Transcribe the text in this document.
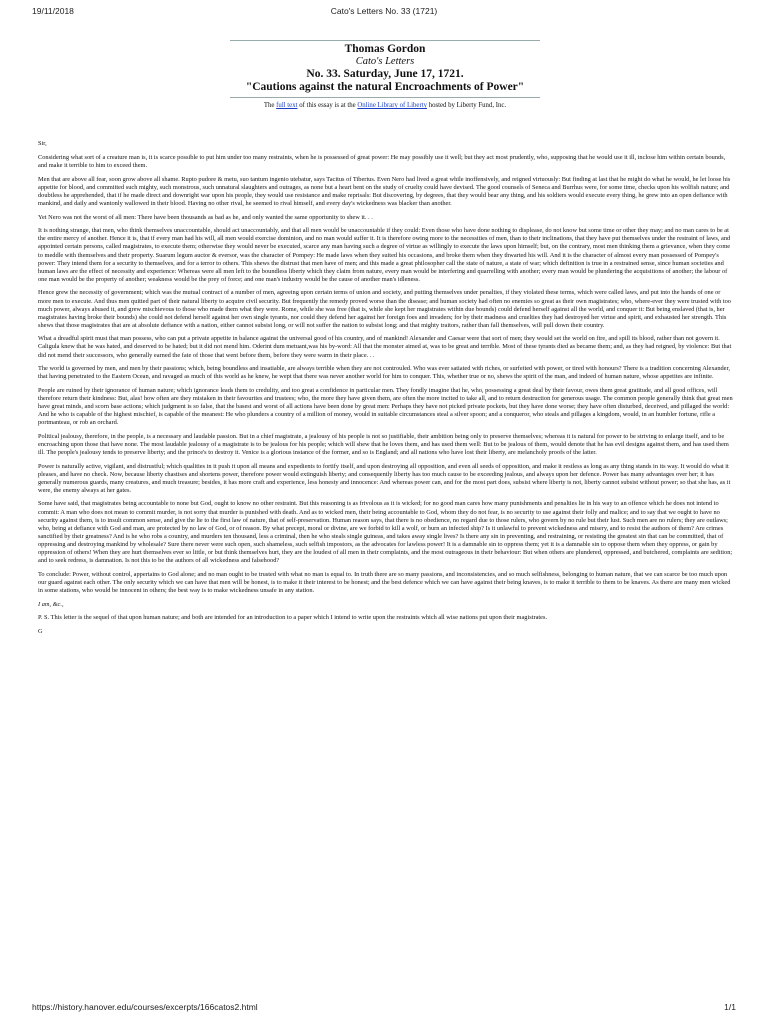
19/11/2018	Cato's Letters No. 33 (1721)
Thomas Gordon
Cato's Letters
No. 33. Saturday, June 17, 1721.
"Cautions against the natural Encroachments of Power"
The full text of this essay is at the Online Library of Liberty hosted by Liberty Fund, Inc.

Sir,

Considering what sort of a creature man is, it is scarce possible to put him under too many restraints, when he is possessed of great power: He may possibly use it well; but they act most prudently, who, supposing that he would use it ill, inclose him within certain bounds, and make it terrible to him to exceed them.

Men that are above all fear, soon grow above all shame. Rupto pudore & metu, suo tantum ingenio utebatur, says Tacitus of Tiberius. Even Nero had lived a great while inoffensively, and reigned virtuously: But finding at last that he might do what he would, he let loose his appetite for blood, and committed such mighty, such monstrous, such unnatural slaughters and outrages, as none but a heart bent on the study of cruelty could have devised. The good counsels of Seneca and Burrhus were, for some time, checks upon his wolfish nature; and doubtless he apprehended, that if he made direct and downright war upon his people, they would use resistance and make reprisals: But discovering, by degrees, that they would bear any thing, and his soldiers would execute every thing, he grew into an open defiance with mankind, and daily and wantonly wallowed in their blood. Having no other rival, he seemed to rival himself, and every day's wickedness was blacker than another.

Yet Nero was not the worst of all men: There have been thousands as bad as he, and only wanted the same opportunity to shew it. . .

It is nothing strange, that men, who think themselves unaccountable, should act unaccountably, and that all men would be unaccountable if they could: Even those who have done nothing to displease, do not know but some time or other they may; and no man cares to be at the entire mercy of another. Hence it is, that if every man had his will, all men would exercise dominion, and no man would suffer it. It is therefore owing more to the necessities of men, than to their inclinations, that they have put themselves under the restraint of laws, and appointed certain persons, called magistrates, to execute them; otherwise they would never be executed, scarce any man having such a degree of virtue as willingly to execute the laws upon himself; but, on the contrary, most men thinking them a grievance, when they come to meddle with themselves and their property. Suarum legum auctor & eversor, was the character of Pompey: He made laws when they suited his occasions, and broke them when they thwarted his will. And it is the character of almost every man possessed of Pompey's power: They intend them for a security to themselves, and for a terror to others. This shews the distrust that men have of men; and this made a great philosopher call the state of nature, a state of war; which definition is true in a restrained sense, since human societies and human laws are the effect of necessity and experience: Whereas were all men left to the boundless liberty which they claim from nature, every man would be interfering and quarrelling with another; every man would be plundering the acquisitions of another; the labour of one man would be the property of another; weakness would be the prey of force; and one man's industry would be the cause of another man's idleness.

Hence grew the necessity of government; which was the mutual contract of a number of men, agreeing upon certain terms of union and society, and putting themselves under penalties, if they violated these terms, which were called laws, and put into the hands of one or more men to execute. And thus men quitted part of their natural liberty to acquire civil security. But frequently the remedy proved worse than the disease; and human society had often no enemies so great as their own magistrates; who, where-ever they were trusted with too much power, always abused it, and grew mischievous to those who made them what they were. Rome, while she was free (that is, while she kept her magistrates within due bounds) could defend herself against all the world, and conquer it: But being enslaved (that is, her magistrates having broke their bounds) she could not defend herself against her own single tyrants, nor could they defend her against her foreign foes and invaders; for by their madness and cruelties they had destroyed her virtue and spirit, and exhausted her strength. This shews that those magistrates that are at absolute defiance with a nation, either cannot subsist long, or will not suffer the nation to subsist long; and that mighty traitors, rather than fall themselves, will pull down their country.

What a dreadful spirit must that man possess, who can put a private appetite in balance against the universal good of his country, and of mankind! Alexander and Caesar were that sort of men; they would set the world on fire, and spill its blood, rather than not govern it. Caligula knew that he was hated, and deserved to be hated; but it did not mend him. Oderint dum metuant,was his by-word: All that the monster aimed at, was to be great and terrible. Most of these tyrants died as became them; and, as they had reigned, by violence: But that did not mend their successors, who generally earned the fate of those that went before them, before they were warm in their place. . .

The world is governed by men, and men by their passions; which, being boundless and insatiable, are always terrible when they are not controuled. Who was ever satiated with riches, or surfeited with power, or tired with honours? There is a tradition concerning Alexander, that having penetrated to the Eastern Ocean, and ravaged as much of this world as he knew, he wept that there was never another world for him to conquer. This, whether true or no, shews the spirit of the man, and indeed of human nature, whose appetites are infinite.

People are ruined by their ignorance of human nature; which ignorance leads them to credulity, and too great a confidence in particular men. They fondly imagine that he, who, possessing a great deal by their favour, owes them great gratitude, and all good offices, will therefore return their kindness: But, alas! how often are they mistaken in their favourites and trustees; who, the more they have given them, are often the more incited to take all, and to return destruction for generous usage. The common people generally think that great men have great minds, and scorn base actions; which judgment is so false, that the basest and worst of all actions have been done by great men: Perhaps they have not picked private pockets, but they have done worse; they have often disturbed, deceived, and pillaged the world: And he who is capable of the highest mischief, is capable of the meanest: He who plunders a country of a million of money, would in suitable circumstances steal a silver spoon; and a conqueror, who steals and pillages a kingdom, would, in an humbler fortune, rifle a portmanteau, or rob an orchard.

Political jealousy, therefore, in the people, is a necessary and laudable passion. But in a chief magistrate, a jealousy of his people is not so justifiable, their ambition being only to preserve themselves; whereas it is natural for power to be striving to enlarge itself, and to be encroaching upon those that have none. The most laudable jealousy of a magistrate is to be jealous for his people; which will shew that he loves them, and has used them well: But to be jealous of them, would denote that he has evil designs against them, and has used them ill. The people's jealousy tends to preserve liberty; and the prince's to destroy it. Venice is a glorious instance of the former, and so is England; and all nations who have lost their liberty, are melancholy proofs of the latter.

Power is naturally active, vigilant, and distrustful; which qualities in it push it upon all means and expedients to fortify itself, and upon destroying all opposition, and even all seeds of opposition, and make it restless as long as any thing stands in its way. It would do what it pleases, and have no check. Now, because liberty chastises and shortens power, therefore power would extinguish liberty; and consequently liberty has too much cause to be exceeding jealous, and always upon her defence. Power has many advantages over her; it has generally numerous guards, many creatures, and much treasure; besides, it has more craft and experience, less honesty and innocence: And whereas power can, and for the most part does, subsist where liberty is not, liberty cannot subsist without power; so that she has, as it were, the enemy always at her gates.

Some have said, that magistrates being accountable to none but God, ought to know no other restraint. But this reasoning is as frivolous as it is wicked; for no good man cares how many punishments and penalties lie in his way to an offence which he does not intend to commit: A man who does not mean to commit murder, is not sorry that murder is punished with death. And as to wicked men, their being accountable to God, whom they do not fear, is no security to use against their folly and malice; and to say that we ought to have no security against them, is to insult common sense, and give the lie to the first law of nature, that of self-preservation. Human reason says, that there is no obedience, no regard due to those rulers, who govern by no rule but their lust. Such men are no rulers; they are outlaws; who, being at defiance with God and man, are protected by no law of God, or of reason. By what precept, moral or divine, are we forbid to kill a wolf, or burn an infected ship? Is it unlawful to prevent wickedness and misery, and to resist the authors of them? Are crimes sanctified by their greatness? And is he who robs a country, and murders ten thousand, less a criminal, then he who steals single guineas, and takes away single lives? Is there any sin in preventing, and restraining, or resisting the greatest sin that can be committed, that of oppressing and destroying mankind by wholesale? Sure there never were such open, such shameless, such selfish impostors, as the advocates for lawless power! It is a damnable sin to oppress them; yet it is a damnable sin to oppose them when they oppress, or gain by oppression of others! When they are hurt themselves ever so little, or but think themselves hurt, they are the loudest of all men in their complaints, and the most outrageous in their behaviour: But when others are plundered, oppressed, and butchered, complaints are sedition; and to seek redress, is damnation. Is not this to be the authors of all wickedness and falsehood?

To conclude: Power, without control, appertains to God alone; and no man ought to be trusted with what no man is equal to. In truth there are so many passions, and inconsistencies, and so much selfishness, belonging to human nature, that we can scarce be too much upon our guard against each other. The only security which we can have that men will be honest, is to make it their interest to be honest; and the best defence which we can have against their being knaves, is to make it terrible to them to be knaves. As there are many men wicked in some stations, who would be innocent in others; the best way is to make wickedness unsafe in any station.

I am, &c.,

P. S. This letter is the sequel of that upon human nature; and both are intended for an introduction to a paper which I intend to write upon the restraints which all wise nations put upon their magistrates.

G

https://history.hanover.edu/courses/excerpts/166catos2.html	1/1
